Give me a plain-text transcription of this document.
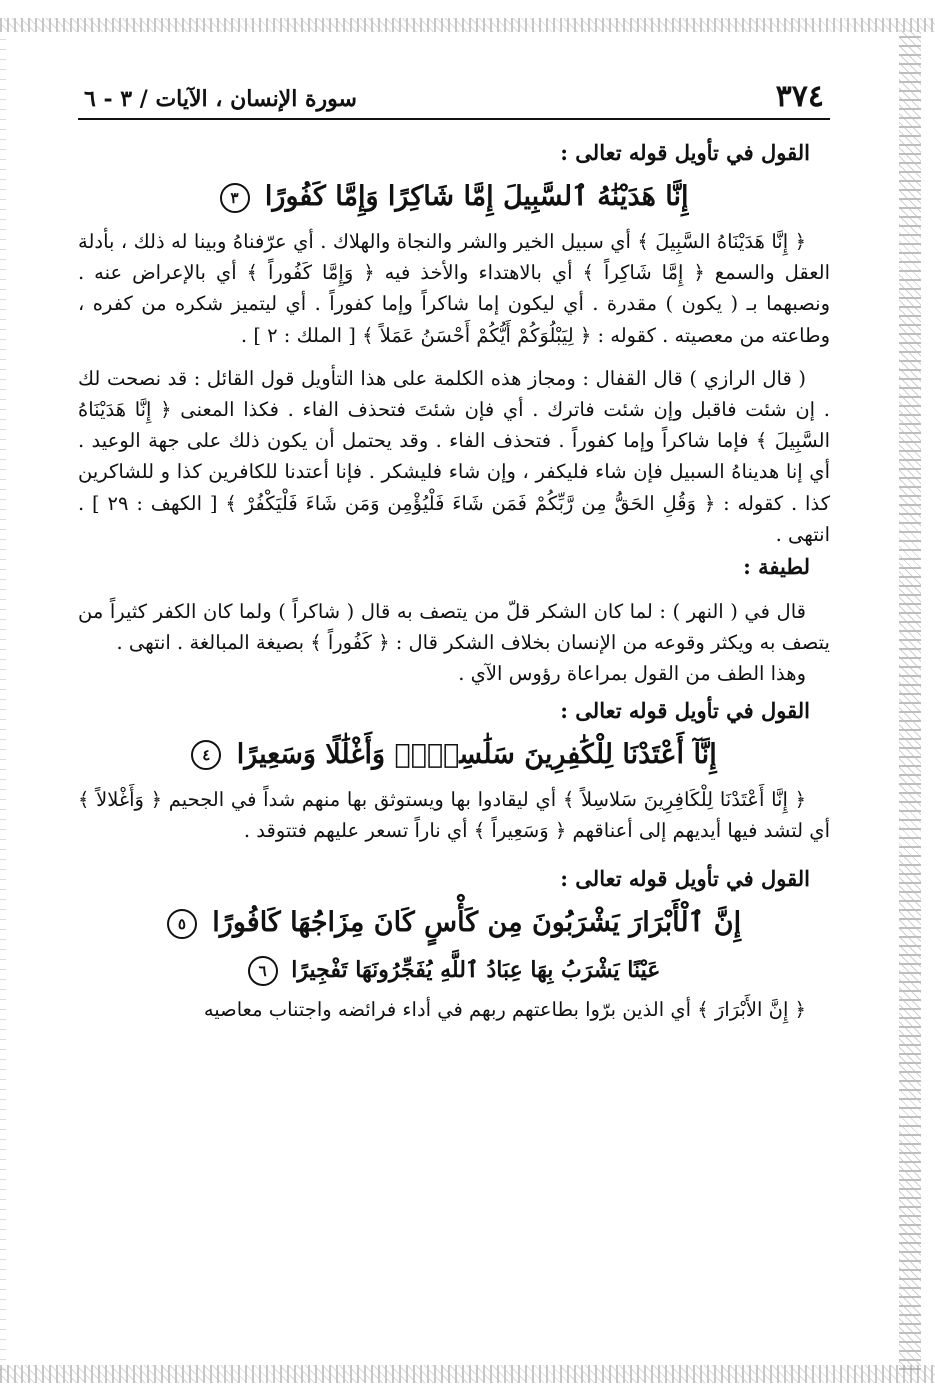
٣٧٤
سورة الإنسان ، الآيات / ٣ - ٦
القول في تأويل قوله تعالى :
إِنَّا هَدَيْنَٰهُ ٱلسَّبِيلَ إِمَّا شَاكِرًا وَإِمَّا كَفُورًا ٣

﴿ إِنَّا هَدَيْنَاهُ السَّبِيلَ ﴾ أي سبيل الخير والشر والنجاة والهلاك . أي عرّفناهُ وبينا له ذلك ، بأدلة العقل والسمع ﴿ إِمَّا شَاكِراً ﴾ أي بالاهتداء والأخذ فيه ﴿ وَإِمَّا كَفُوراً ﴾ أي بالإعراض عنه . ونصبهما بـ ( يكون ) مقدرة . أي ليكون إما شاكراً وإما كفوراً . أي ليتميز شكره من كفره ، وطاعته من معصيته . كقوله : ﴿ لِيَبْلُوَكُمْ أَيُّكُمْ أَحْسَنُ عَمَلاً ﴾ [ الملك : ٢ ] .

( قال الرازي ) قال القفال : ومجاز هذه الكلمة على هذا التأويل قول القائل : قد نصحت لك . إن شئت فاقبل وإن شئت فاترك . أي فإن شئتَ فتحذف الفاء . فكذا المعنى ﴿ إِنَّا هَدَيْنَاهُ السَّبِيلَ ﴾ فإما شاكراً وإما كفوراً . فتحذف الفاء . وقد يحتمل أن يكون ذلك على جهة الوعيد . أي إنا هديناهُ السبيل فإن شاء فليكفر ، وإن شاء فليشكر . فإنا أعتدنا للكافرين كذا و للشاكرين كذا . كقوله : ﴿ وَقُلِ الحَقُّ مِن رَّبِّكُمْ فَمَن شَاءَ فَلْيُؤْمِن وَمَن شَاءَ فَلْيَكْفُرْ ﴾ [ الكهف : ٢٩ ] . انتهى .

لطيفة :

قال في ( النهر ) : لما كان الشكر قلّ من يتصف به قال ( شاكراً ) ولما كان الكفر كثيراً من يتصف به ويكثر وقوعه من الإنسان بخلاف الشكر قال : ﴿ كَفُوراً ﴾ بصيغة المبالغة . انتهى .

وهذا الطف من القول بمراعاة رؤوس الآي .

القول في تأويل قوله تعالى :
إِنَّآ أَعْتَدْنَا لِلْكَٰفِرِينَ سَلَٰسِلَا۟ وَأَغْلَٰلًا وَسَعِيرًا ٤

﴿ إِنَّا أَعْتَدْنَا لِلْكَافِرِينَ سَلاسِلاً ﴾ أي ليقادوا بها ويستوثق بها منهم شداً في الجحيم ﴿ وَأَغْلالاً ﴾ أي لتشد فيها أيديهم إلى أعناقهم ﴿ وَسَعِيراً ﴾ أي ناراً تسعر عليهم فتتوقد .

القول في تأويل قوله تعالى :
إِنَّ ٱلْأَبْرَارَ يَشْرَبُونَ مِن كَأْسٍ كَانَ مِزَاجُهَا كَافُورًا ٥
عَيْنًا يَشْرَبُ بِهَا عِبَادُ ٱللَّهِ يُفَجِّرُونَهَا تَفْجِيرًا ٦

﴿ إِنَّ الأَبْرَارَ ﴾ أي الذين برّوا بطاعتهم ربهم في أداء فرائضه واجتناب معاصيه
